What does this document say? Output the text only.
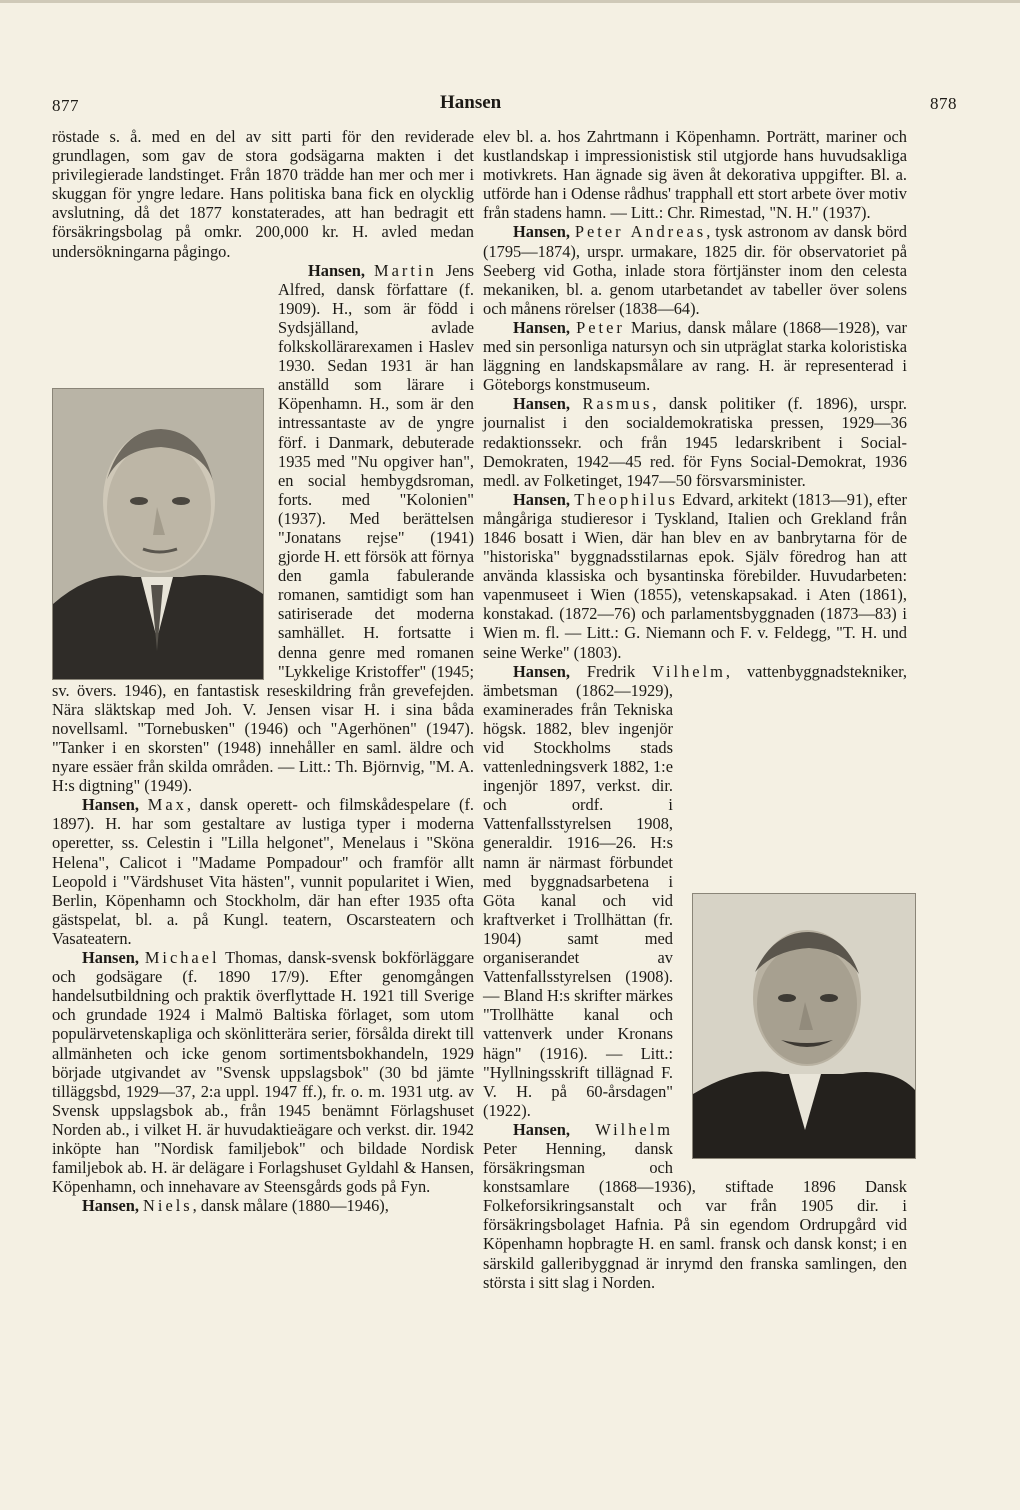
877	Hansen	878

röstade s. å. med en del av sitt parti för den reviderade grundlagen, som gav de stora godsägarna makten i det privilegierade landstinget. Från 1870 trädde han mer och mer i skuggan för yngre ledare. Hans politiska bana fick en olycklig avslutning, då det 1877 konstaterades, att han bedragit ett försäkringsbolag på omkr. 200,000 kr. H. avled medan undersökningarna pågingo.

Hansen, Martin
Jens Alfred, dansk författare (f. 1909). H., som är född i Sydsjälland, avlade folkskollärarexamen i Haslev 1930. Sedan 1931 är han anställd som lärare i Köpenhamn. H., som är den intressantaste av de yngre förf. i Danmark, debuterade 1935 med "Nu opgiver han", en social hembygdsroman, forts. med "Kolonien" (1937). Med berättelsen "Jonatans rejse" (1941) gjorde H. ett försök att förnya den gamla fabulerande romanen, samtidigt som han satiriserade det moderna samhället. H. fortsatte i denna genre med romanen "Lykkelige Kristoffer" (1945; sv. övers. 1946), en fantastisk reseskildring från grevefejden. Nära släktskap med Joh. V. Jensen visar H. i sina båda novellsaml. "Tornebusken" (1946) och "Agerhönen" (1947). "Tanker i en skorsten" (1948) innehåller en saml. äldre och nyare essäer från skilda områden. — Litt.: Th. Björnvig, "M. A. H:s digtning" (1949).

Hansen, Max, dansk operett- och filmskådespelare (f. 1897). H. har som gestaltare av lustiga typer i moderna operetter, ss. Celestin i "Lilla helgonet", Menelaus i "Sköna Helena", Calicot i "Madame Pompadour" och framför allt Leopold i "Värdshuset Vita hästen", vunnit popularitet i Wien, Berlin, Köpenhamn och Stockholm, där han efter 1935 ofta gästspelat, bl. a. på Kungl. teatern, Oscarsteatern och Vasateatern.

Hansen, Michael Thomas, dansk-svensk bokförläggare och godsägare (f. 1890 17/9). Efter genomgången handelsutbildning och praktik överflyttade H. 1921 till Sverige och grundade 1924 i Malmö Baltiska förlaget, som utom populärvetenskapliga och skönlitterära serier, försålda direkt till allmänheten och icke genom sortimentsbokhandeln, 1929 började utgivandet av "Svensk uppslagsbok" (30 bd jämte tilläggsbd, 1929—37, 2:a uppl. 1947 ff.), fr. o. m. 1931 utg. av Svensk uppslagsbok ab., från 1945 benämnt Förlagshuset Norden ab., i vilket H. är huvudaktieägare och verkst. dir. 1942 inköpte han "Nordisk familjebok" och bildade Nordisk familjebok ab. H. är delägare i Forlagshuset Gyldahl & Hansen, Köpenhamn, och innehavare av Steensgårds gods på Fyn.

Hansen, Niels, dansk målare (1880—1946),

elev bl. a. hos Zahrtmann i Köpenhamn. Porträtt, mariner och kustlandskap i impressionistisk stil utgjorde hans huvudsakliga motivkrets. Han ägnade sig även åt dekorativa uppgifter. Bl. a. utförde han i Odense rådhus' trapphall ett stort arbete över motiv från stadens hamn. — Litt.: Chr. Rimestad, "N. H." (1937).

Hansen, Peter Andreas, tysk astronom av dansk börd (1795—1874), urspr. urmakare, 1825 dir. för observatoriet på Seeberg vid Gotha, inlade stora förtjänster inom den celesta mekaniken, bl. a. genom utarbetandet av tabeller över solens och månens rörelser (1838—64).

Hansen, Peter Marius, dansk målare (1868—1928), var med sin personliga natursyn och sin utpräglat starka koloristiska läggning en landskapsmålare av rang. H. är representerad i Göteborgs konstmuseum.

Hansen, Rasmus, dansk politiker (f. 1896), urspr. journalist i den socialdemokratiska pressen, 1929—36 redaktionssekr. och från 1945 ledarskribent i Social-Demokraten, 1942—45 red. för Fyns Social-Demokrat, 1936 medl. av Folketinget, 1947—50 försvarsminister.

Hansen, Theophilus Edvard, arkitekt (1813—91), efter mångåriga studieresor i Tyskland, Italien och Grekland från 1846 bosatt i Wien, där han blev en av banbrytarna för de "historiska" byggnadsstilarnas epok. Själv föredrog han att använda klassiska och bysantinska förebilder. Huvudarbeten: vapenmuseet i Wien (1855), vetenskapsakad. i Aten (1861), konstakad. (1872—76) och parlamentsbyggnaden (1873—83) i Wien m. fl. — Litt.: G. Niemann och F. v. Feldegg, "T. H. und seine Werke" (1803).

Hansen, Fredrik Vilhelm
, vattenbyggnadstekniker, ämbetsman (1862—1929), examinerades från Tekniska högsk. 1882, blev ingenjör vid Stockholms stads vattenledningsverk 1882, 1:e ingenjör 1897, verkst. dir. och ordf. i Vattenfallsstyrelsen 1908, generaldir. 1916—26. H:s namn är närmast förbundet med byggnadsarbetena i Göta kanal och vid kraftverket i Trollhättan (fr. 1904) samt med organiserandet av Vattenfallsstyrelsen (1908). — Bland H:s skrifter märkes "Trollhätte kanal och vattenverk under Kronans hägn" (1916). — Litt.: "Hyllningsskrift tillägnad F. V. H. på 60-årsdagen" (1922).

Hansen, Wilhelm Peter Henning, dansk försäkringsman och konstsamlare (1868—1936), stiftade 1896 Dansk Folkeforsikringsanstalt och var från 1905 dir. i försäkringsbolaget Hafnia. På sin egendom Ordrupgård vid Köpenhamn hopbragte H. en saml. fransk och dansk konst; i en särskild galleribyggnad är inrymd den franska samlingen, den största i sitt slag i Norden.
